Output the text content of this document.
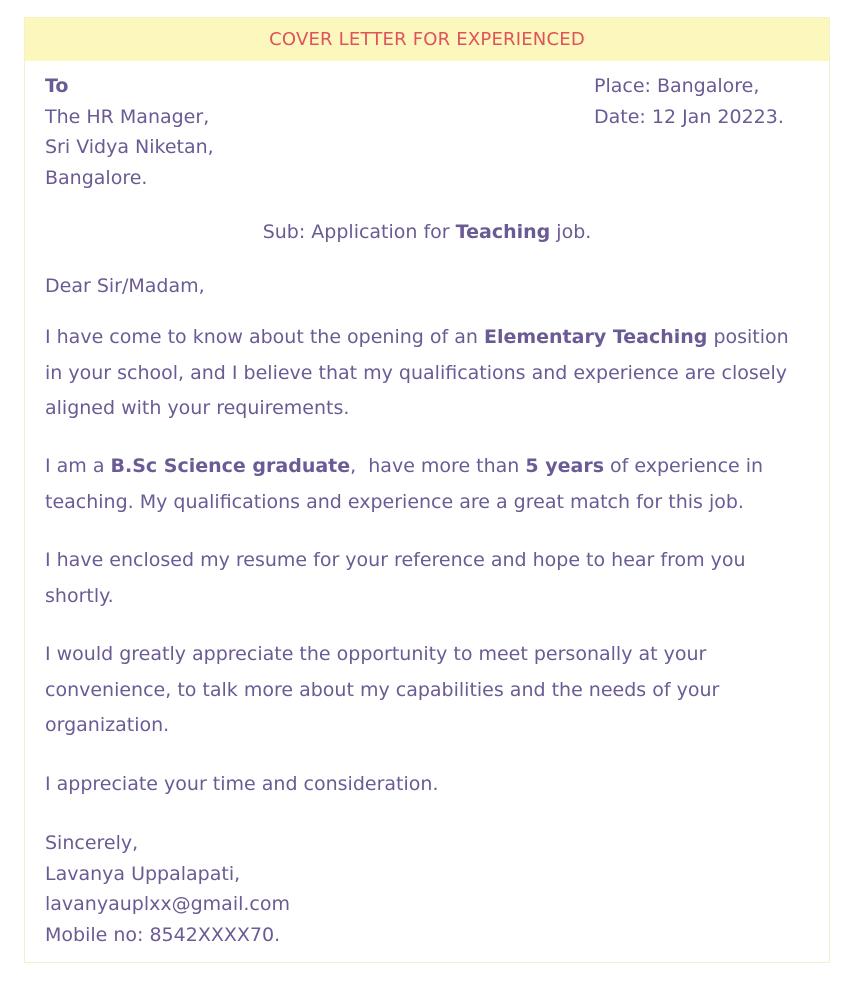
COVER LETTER FOR EXPERIENCED
To
The HR Manager,
Sri Vidya Niketan,
Bangalore.
Place: Bangalore,
Date: 12 Jan 20223.
Sub: Application for Teaching job.
Dear Sir/Madam,
I have come to know about the opening of an Elementary Teaching position in your school, and I believe that my qualifications and experience are closely aligned with your requirements.
I am a B.Sc Science graduate,  have more than 5 years of experience in teaching. My qualifications and experience are a great match for this job.
I have enclosed my resume for your reference and hope to hear from you shortly.
I would greatly appreciate the opportunity to meet personally at your convenience, to talk more about my capabilities and the needs of your organization.
I appreciate your time and consideration.
Sincerely,
Lavanya Uppalapati,
lavanyauplxx@gmail.com
Mobile no: 8542XXXX70.
